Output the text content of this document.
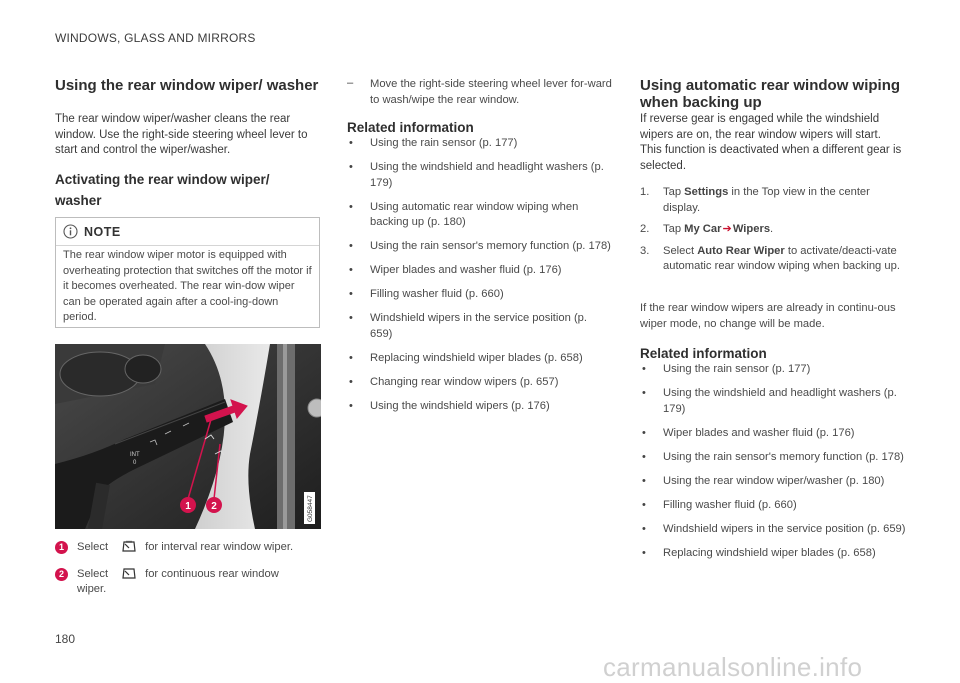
WINDOWS, GLASS AND MIRRORS
Using the rear window wiper/ washer

The rear window wiper/washer cleans the rear window. Use the right-side steering wheel lever to start and control the wiper/washer.

Activating the rear window wiper/ washer
NOTE
The rear window wiper motor is equipped with overheating protection that switches off the motor if it becomes overheated. The rear win-dow wiper can be operated again after a cool-ing-down period.
INT
0
1 2	G058447
1	Select	for interval rear window wiper.
2	Select	for continuous rear window
wiper.
–	Move the right-side steering wheel lever for-ward to wash/wipe the rear window.

Related information
• Using the rain sensor (p. 177)
• Using the windshield and headlight washers (p. 179)
• Using automatic rear window wiping when backing up (p. 180)
• Using the rain sensor's memory function (p. 178)
• Wiper blades and washer fluid (p. 176)
• Filling washer fluid (p. 660)
• Windshield wipers in the service position (p. 659)
• Replacing windshield wiper blades (p. 658)
• Changing rear window wipers (p. 657)
• Using the windshield wipers (p. 176)
Using automatic rear window wiping when backing up

If reverse gear is engaged while the windshield wipers are on, the rear window wipers will start. This function is deactivated when a different gear is selected.

1. Tap Settings in the Top view in the center display.
2. Tap My Car➔Wipers.
3. Select Auto Rear Wiper to activate/deacti-vate automatic rear window wiping when backing up.

If the rear window wipers are already in continu-ous wiper mode, no change will be made.

Related information
• Using the rain sensor (p. 177)
• Using the windshield and headlight washers (p. 179)
• Wiper blades and washer fluid (p. 176)
• Using the rain sensor's memory function (p. 178)
• Using the rear window wiper/washer (p. 180)
• Filling washer fluid (p. 660)
• Windshield wipers in the service position (p. 659)
• Replacing windshield wiper blades (p. 658)
180
carmanualsonline.info
